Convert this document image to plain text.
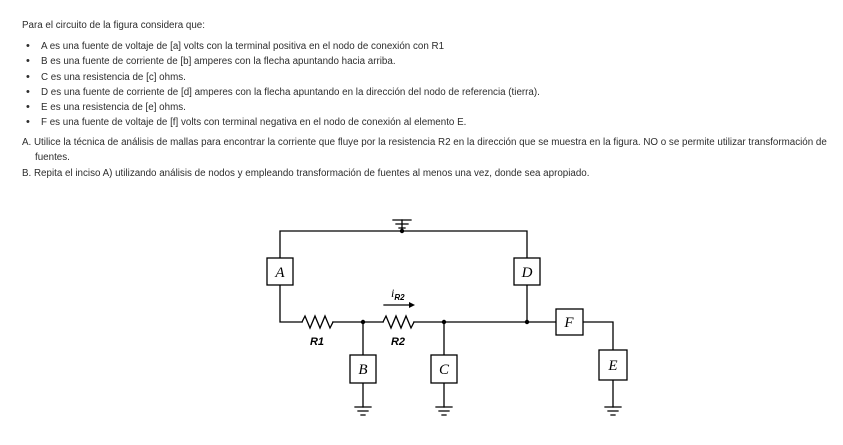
Para el circuito de la figura considera que:

• A es una fuente de voltaje de [a] volts con la terminal positiva en el nodo de conexión con R1
• B es una fuente de corriente de [b] amperes con la flecha apuntando hacia arriba.
• C es una resistencia de [c] ohms.
• D es una fuente de corriente de [d] amperes con la flecha apuntando en la dirección del nodo de referencia (tierra).
• E es una resistencia de [e] ohms.
• F es una fuente de voltaje de [f] volts con terminal negativa en el nodo de conexión al elemento E.
A. Utilice la técnica de análisis de mallas para encontrar la corriente que fluye por la resistencia R2 en la dirección que se muestra en la figura. NO o se permite utilizar transformación de fuentes.
B. Repita el inciso A) utilizando análisis de nodos y empleando transformación de fuentes al menos una vez, donde sea apropiado.
A	D
F
B	C	E
R1	R2
$i_{R2}$
